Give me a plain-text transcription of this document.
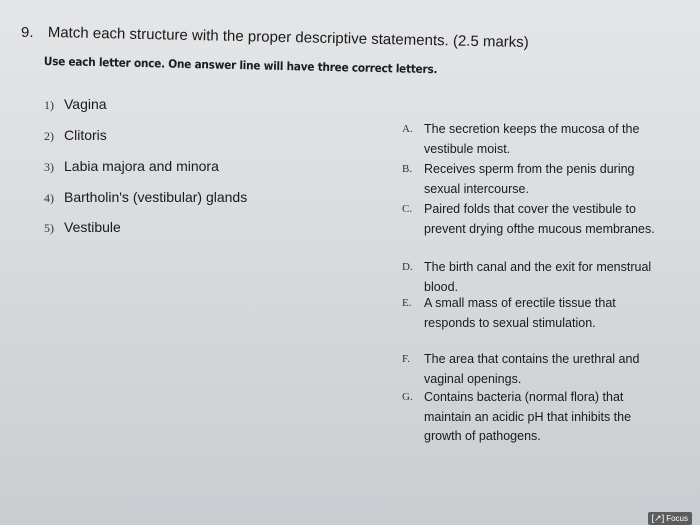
9. Match each structure with the proper descriptive statements. (2.5 marks)
Use each letter once. One answer line will have three correct letters.
1) Vagina
2) Clitoris
3) Labia majora and minora
4) Bartholin's (vestibular) glands
5) Vestibule
A. The secretion keeps the mucosa of the vestibule moist.
B. Receives sperm from the penis during sexual intercourse.
C. Paired folds that cover the vestibule to prevent drying ofthe mucous membranes.
D. The birth canal and the exit for menstrual blood.
E. A small mass of erectile tissue that responds to sexual stimulation.
F. The area that contains the urethral and vaginal openings.
G. Contains bacteria (normal flora) that maintain an acidic pH that inhibits the growth of pathogens.
[↗] Focus
